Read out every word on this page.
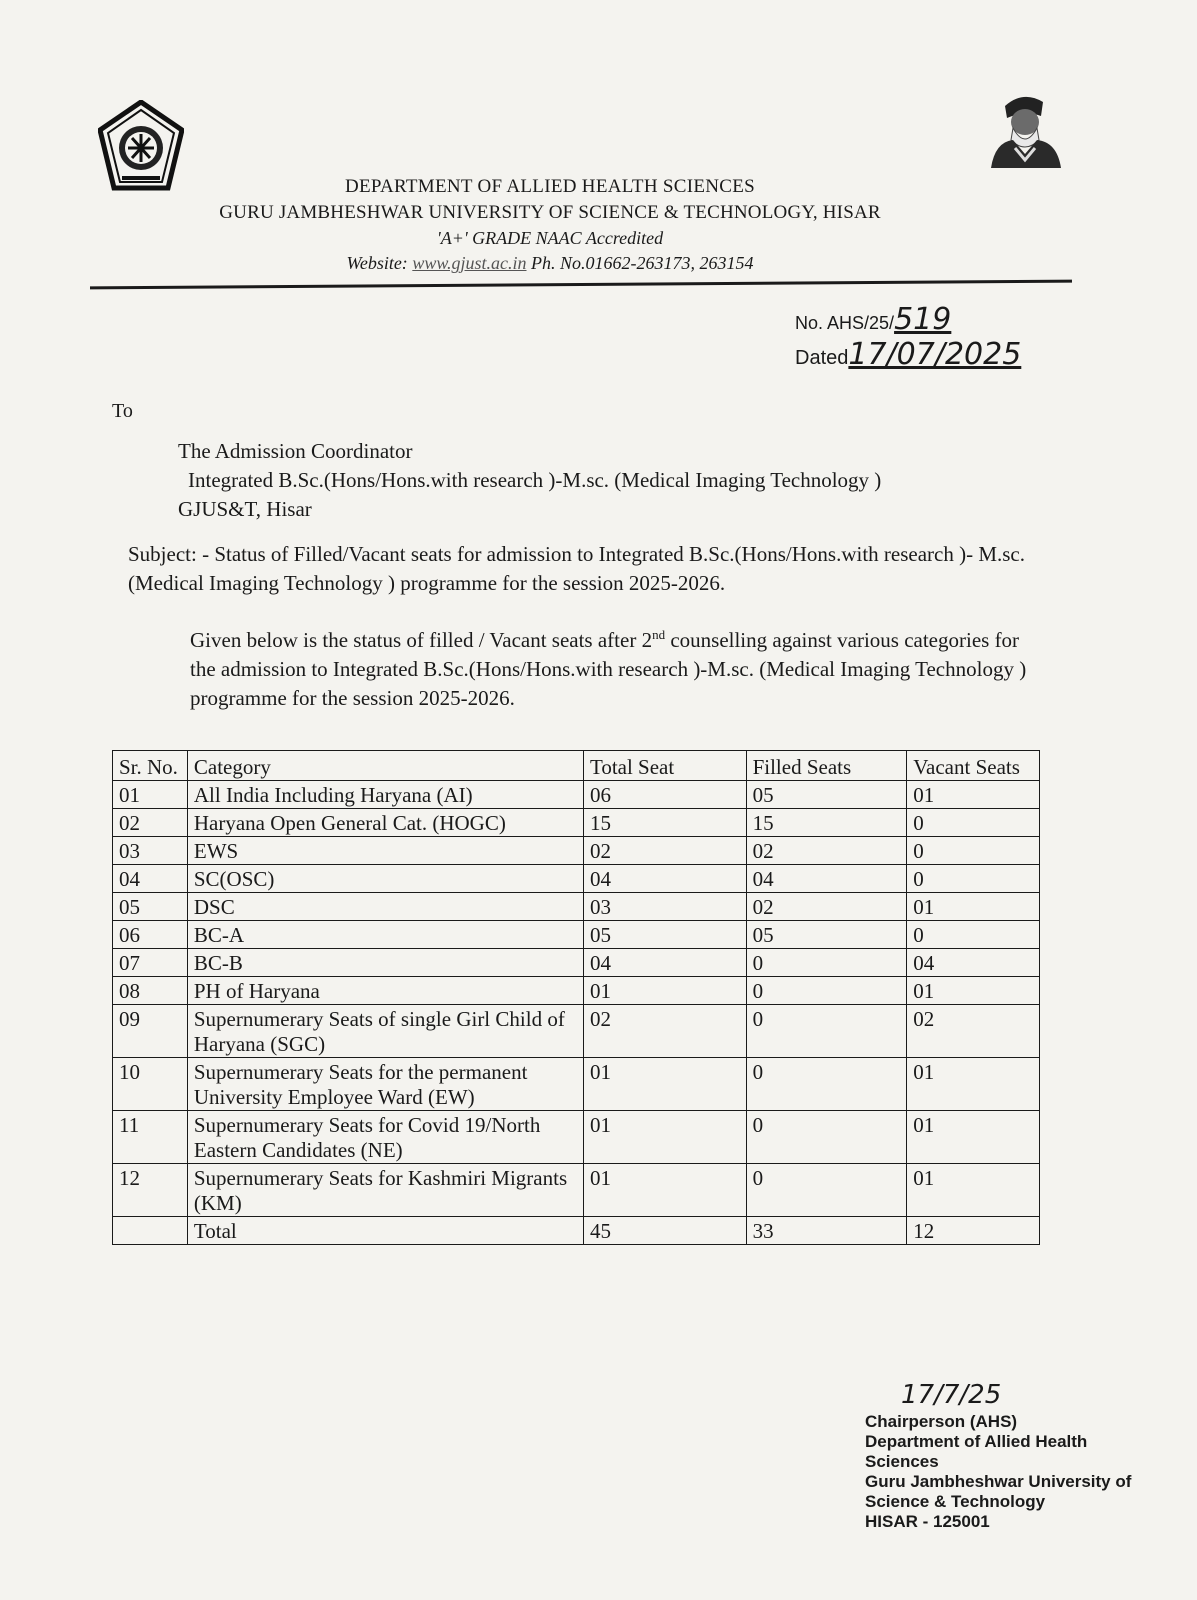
DEPARTMENT OF ALLIED HEALTH SCIENCES
GURU JAMBHESHWAR UNIVERSITY OF SCIENCE & TECHNOLOGY, HISAR
'A+' GRADE NAAC Accredited
Website: www.gjust.ac.in Ph. No.01662-263173, 263154
No. AHS/25/519
Dated17/07/2025
To
The Admission Coordinator
Integrated B.Sc.(Hons/Hons.with research )-M.sc. (Medical Imaging Technology )
GJUS&T, Hisar
Subject: - Status of Filled/Vacant seats for admission to Integrated B.Sc.(Hons/Hons.with research )- M.sc. (Medical Imaging Technology ) programme for the session 2025-2026.
Given below is the status of filled / Vacant seats after 2nd counselling against various categories for the admission to Integrated B.Sc.(Hons/Hons.with research )-M.sc. (Medical Imaging Technology ) programme for the session 2025-2026.
Sr. No.	Category	Total Seat	Filled Seats	Vacant Seats
01	All India Including Haryana (AI)	06	05	01
02	Haryana Open General Cat. (HOGC)	15	15	0
03	EWS	02	02	0
04	SC(OSC)	04	04	0
05	DSC	03	02	01
06	BC-A	05	05	0
07	BC-B	04	0	04
08	PH of Haryana	01	0	01
09	Supernumerary Seats of single Girl Child of Haryana (SGC)	02	0	02
10	Supernumerary Seats for the permanent University Employee Ward (EW)	01	0	01
11	Supernumerary Seats for Covid 19/North Eastern Candidates (NE)	01	0	01
12	Supernumerary Seats for Kashmiri Migrants (KM)	01	0	01
	Total	45	33	12
17/7/25
Chairperson (AHS)
Department of Allied Health Sciences
Guru Jambheshwar University of
Science & Technology
HISAR - 125001
